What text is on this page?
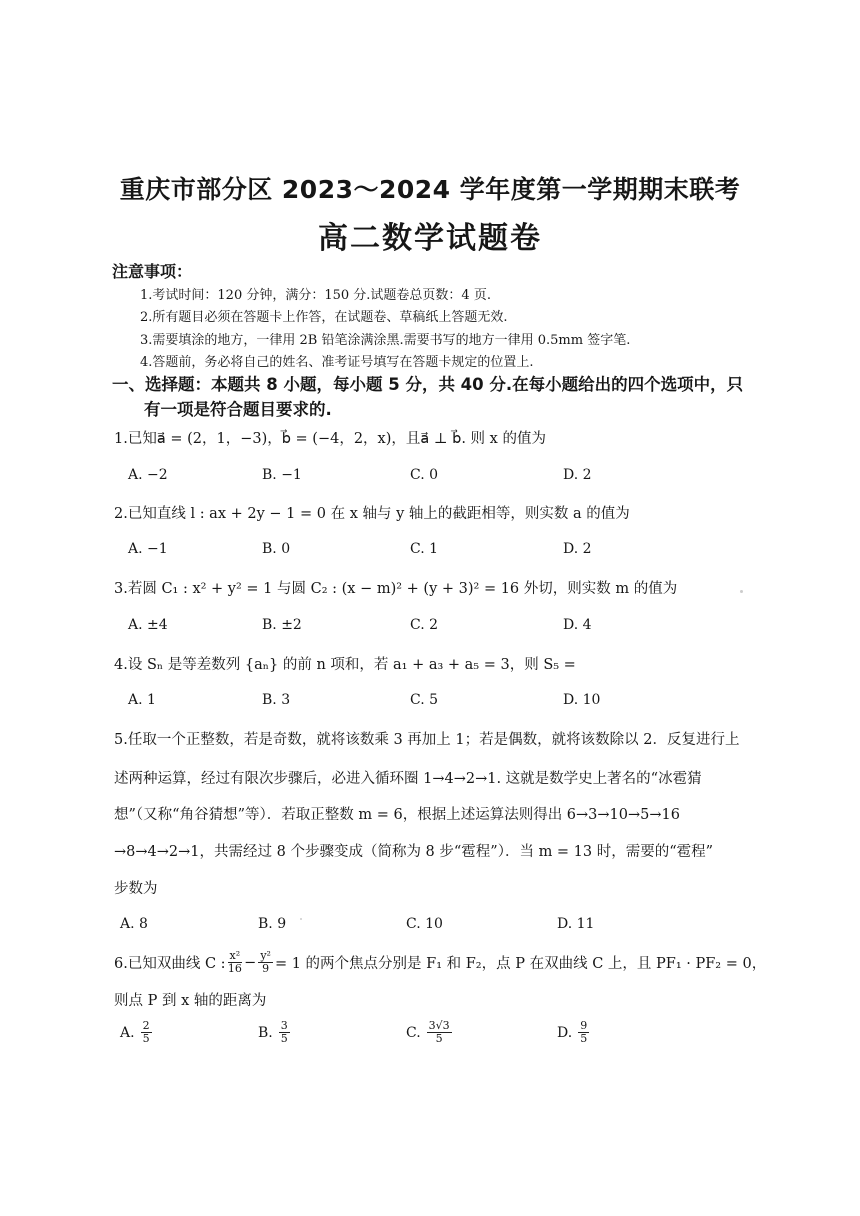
重庆市部分区 2023～2024 学年度第一学期期末联考
高二数学试题卷
注意事项：
1.考试时间：120 分钟，满分：150 分.试题卷总页数：4 页.
2.所有题目必须在答题卡上作答，在试题卷、草稿纸上答题无效.
3.需要填涂的地方，一律用 2B 铅笔涂满涂黑.需要书写的地方一律用 0.5mm 签字笔.
4.答题前，务必将自己的姓名、准考证号填写在答题卡规定的位置上.
一、选择题：本题共 8 小题，每小题 5 分，共 40 分.在每小题给出的四个选项中，只
有一项是符合题目要求的.
1.已知a⃗ = (2，1，−3)，b⃗ = (−4，2，x)，且a⃗ ⊥ b⃗. 则 x 的值为
A. −2	B. −1	C. 0	D. 2
2.已知直线 l : ax + 2y − 1 = 0 在 x 轴与 y 轴上的截距相等，则实数 a 的值为
A. −1	B. 0	C. 1	D. 2
3.若圆 C₁ : x² + y² = 1 与圆 C₂ : (x − m)² + (y + 3)² = 16 外切，则实数 m 的值为
A. ±4	B. ±2	C. 2	D. 4
4.设 Sₙ 是等差数列 {aₙ} 的前 n 项和，若 a₁ + a₃ + a₅ = 3，则 S₅ =
A. 1	B. 3	C. 5	D. 10
5.任取一个正整数，若是奇数，就将该数乘 3 再加上 1；若是偶数，就将该数除以 2．反复进行上
述两种运算，经过有限次步骤后，必进入循环圈 1→4→2→1. 这就是数学史上著名的“冰雹猜
想”（又称“角谷猜想”等）．若取正整数 m = 6，根据上述运算法则得出 6→3→10→5→16
→8→4→2→1，共需经过 8 个步骤变成（简称为 8 步“雹程”）．当 m = 13 时，需要的“雹程”
步数为
A. 8	B. 9	C. 10	D. 11
6.已知双曲线 C : $\frac{\text{x²}}{16} - \frac{\text{y²}}{9} = 1$ 的两个焦点分别是 F₁ 和 F₂，点 P 在双曲线 C 上，且 PF₁ · PF₂ = 0，
则点 P 到 x 轴的距离为
A. $\frac{2}{5}$	B. $\frac{3}{5}$	C. $\frac{3√3}{5}$	D. $\frac{9}{5}$
